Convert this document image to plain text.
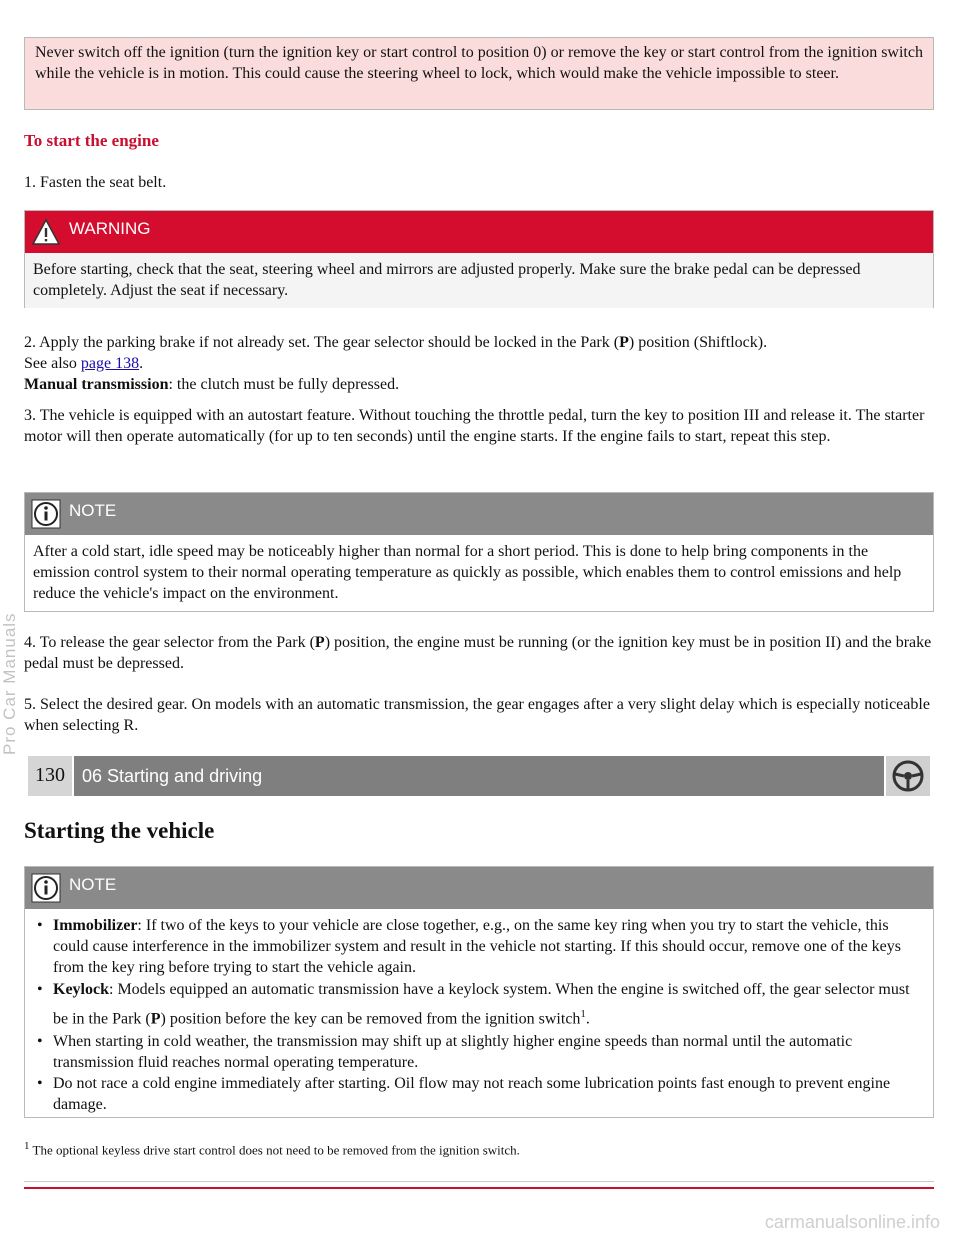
Never switch off the ignition (turn the ignition key or start control to position 0) or remove the key or start control from the ignition switch while the vehicle is in motion. This could cause the steering wheel to lock, which would make the vehicle impossible to steer.
To start the engine
1. Fasten the seat belt.
WARNING
Before starting, check that the seat, steering wheel and mirrors are adjusted properly. Make sure the brake pedal can be depressed completely. Adjust the seat if necessary.
2. Apply the parking brake if not already set. The gear selector should be locked in the Park (P) position (Shiftlock).
See also page 138.
Manual transmission: the clutch must be fully depressed.
3. The vehicle is equipped with an autostart feature. Without touching the throttle pedal, turn the key to position III and release it. The starter motor will then operate automatically (for up to ten seconds) until the engine starts. If the engine fails to start, repeat this step.
NOTE
After a cold start, idle speed may be noticeably higher than normal for a short period. This is done to help bring components in the emission control system to their normal operating temperature as quickly as possible, which enables them to control emissions and help reduce the vehicle's impact on the environment.
4. To release the gear selector from the Park (P) position, the engine must be running (or the ignition key must be in position II) and the brake pedal must be depressed.
5. Select the desired gear. On models with an automatic transmission, the gear engages after a very slight delay which is especially noticeable when selecting R.
130 06 Starting and driving
Starting the vehicle
NOTE
• Immobilizer: If two of the keys to your vehicle are close together, e.g., on the same key ring when you try to start the vehicle, this could cause interference in the immobilizer system and result in the vehicle not starting. If this should occur, remove one of the keys from the key ring before trying to start the vehicle again.
• Keylock: Models equipped an automatic transmission have a keylock system. When the engine is switched off, the gear selector must be in the Park (P) position before the key can be removed from the ignition switch$^1$.
• When starting in cold weather, the transmission may shift up at slightly higher engine speeds than normal until the automatic transmission fluid reaches normal operating temperature.
• Do not race a cold engine immediately after starting. Oil flow may not reach some lubrication points fast enough to prevent engine damage.
$^1$ The optional keyless drive start control does not need to be removed from the ignition switch.
Pro Car Manuals
carmanualsonline.info
